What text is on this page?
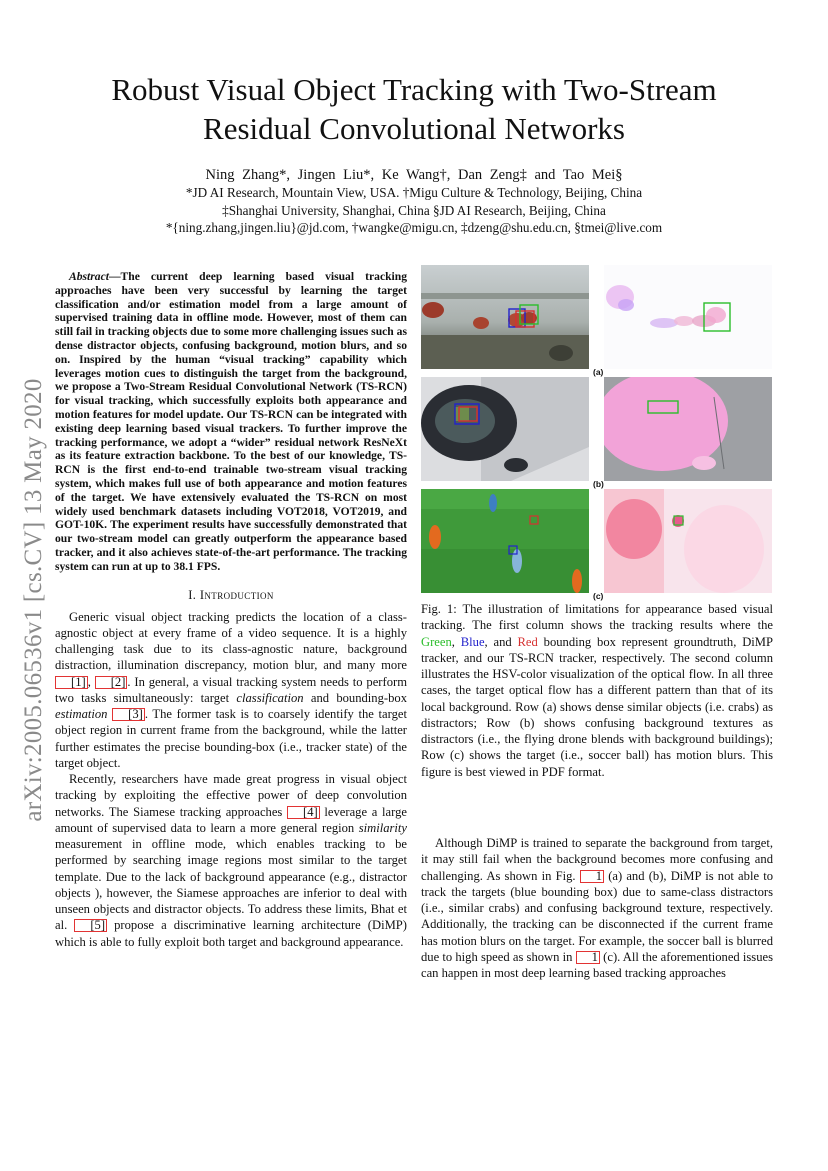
arXiv:2005.06536v1 [cs.CV] 13 May 2020
Robust Visual Object Tracking with Two-Stream
Residual Convolutional Networks
Ning Zhang*, Jingen Liu*, Ke Wang†, Dan Zeng‡ and Tao Mei§
*JD AI Research, Mountain View, USA. †Migu Culture & Technology, Beijing, China
‡Shanghai University, Shanghai, China §JD AI Research, Beijing, China
*{ning.zhang,jingen.liu}@jd.com, †wangke@migu.cn, ‡dzeng@shu.edu.cn, §tmei@live.com

Abstract—The current deep learning based visual tracking approaches have been very successful by learning the target classification and/or estimation model from a large amount of supervised training data in offline mode. However, most of them can still fail in tracking objects due to some more challenging issues such as dense distractor objects, confusing background, motion blurs, and so on. Inspired by the human “visual tracking” capability which leverages motion cues to distinguish the target from the background, we propose a Two-Stream Residual Convolutional Network (TS-RCN) for visual tracking, which successfully exploits both appearance and motion features for model update. Our TS-RCN can be integrated with existing deep learning based visual trackers. To further improve the tracking performance, we adopt a “wider” residual network ResNeXt as its feature extraction backbone. To the best of our knowledge, TS-RCN is the first end-to-end trainable two-stream visual tracking system, which makes full use of both appearance and motion features of the target. We have extensively evaluated the TS-RCN on most widely used benchmark datasets including VOT2018, VOT2019, and GOT-10K. The experiment results have successfully demonstrated that our two-stream model can greatly outperform the appearance based tracker, and it also achieves state-of-the-art performance. The tracking system can run at up to 38.1 FPS.

I. Introduction

Generic visual object tracking predicts the location of a class-agnostic object at every frame of a video sequence. It is a highly challenging task due to its class-agnostic nature, background distraction, illumination discrepancy, motion blur, and many more [1] , [2] . In general, a visual tracking system needs to perform two tasks simultaneously: target classification and bounding-box estimation [3] . The former task is to coarsely identify the target object region in current frame from the background, while the latter further estimates the precise bounding-box (i.e., tracker state) of the target object.

Recently, researchers have made great progress in visual object tracking by exploiting the effective power of deep convolution networks. The Siamese tracking approaches [4] leverage a large amount of supervised data to learn a more general region similarity measurement in offline mode, which enables tracking to be performed by searching image regions most similar to the target template. Due to the lack of background appearance (e.g., distractor objects ), however, the Siamese approaches are inferior to deal with unseen objects and distractor objects. To address these limits, Bhat et al. [5] propose a discriminative learning architecture (DiMP) which is able to fully exploit both target and background appearance.

(a)
(b)
(c)
Fig. 1: The illustration of limitations for appearance based visual tracking. The first column shows the tracking results where the Green, Blue, and Red bounding box represent groundtruth, DiMP tracker, and our TS-RCN tracker, respectively. The second column illustrates the HSV-color visualization of the optical flow. In all three cases, the target optical flow has a different pattern than that of its local background. Row (a) shows dense similar objects (i.e. crabs) as distractors; Row (b) shows confusing background textures as distractors (i.e., the flying drone blends with background buildings); Row (c) shows the target (i.e., soccer ball) has motion blurs. This figure is best viewed in PDF format.

Although DiMP is trained to separate the background from target, it may still fail when the background becomes more confusing and challenging. As shown in Fig. 1 (a) and (b), DiMP is not able to track the targets (blue bounding box) due to same-class distractors (i.e., similar crabs) and confusing background texture, respectively. Additionally, the tracking can be disconnected if the current frame has motion blurs on the target. For example, the soccer ball is blurred due to high speed as shown in 1 (c). All the aforementioned issues can happen in most deep learning based tracking approaches
